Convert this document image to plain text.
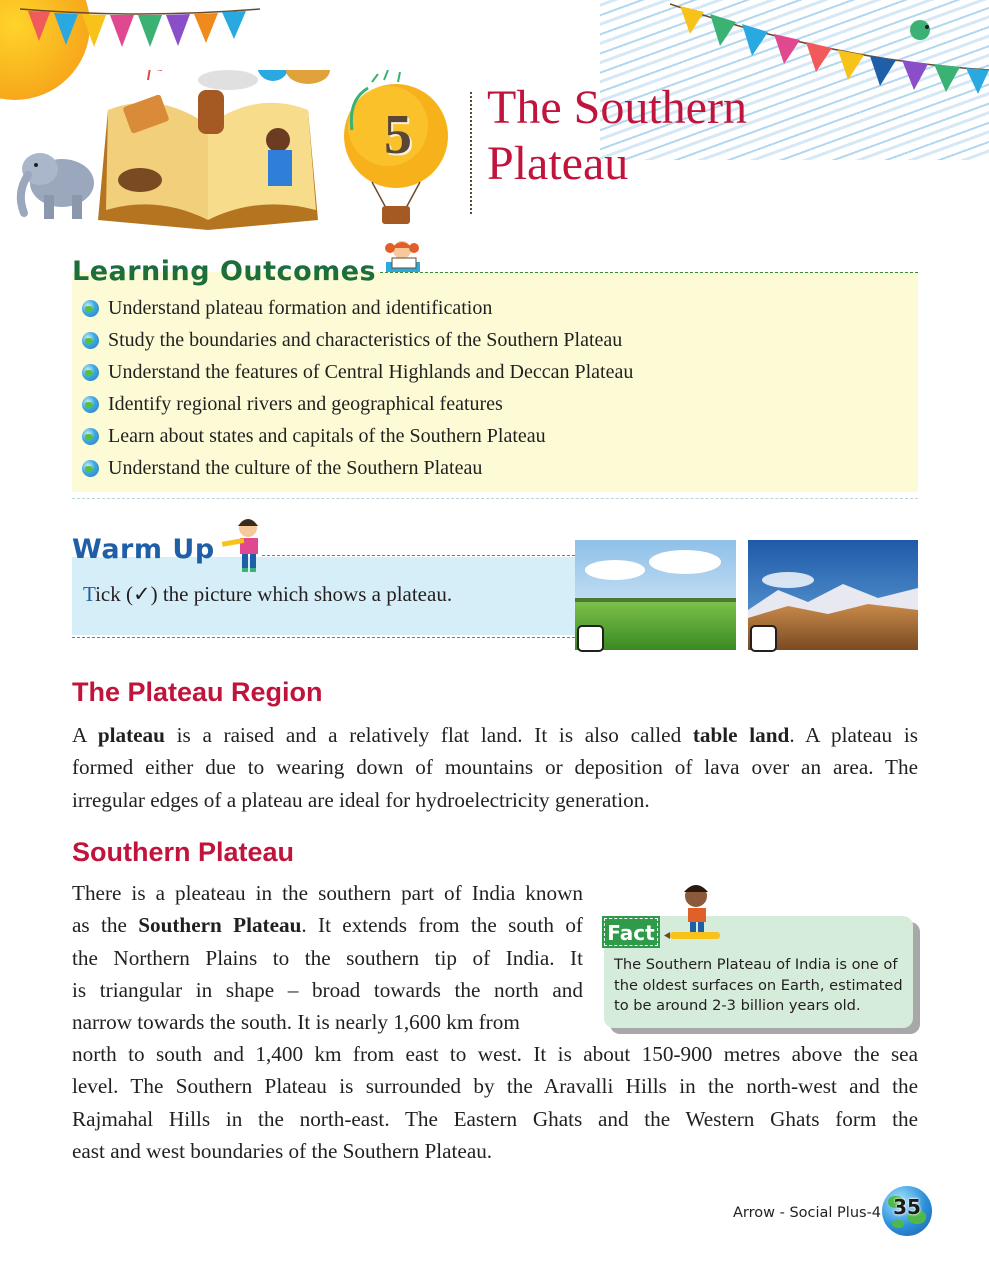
5	The Southern
Plateau
Learning Outcomes
Understand plateau formation and identification
Study the boundaries and characteristics of the Southern Plateau
Understand the features of Central Highlands and Deccan Plateau
Identify regional rivers and geographical features
Learn about states and capitals of the Southern Plateau
Understand the culture of the Southern Plateau
Warm Up
Tick (✓) the picture which shows a plateau.
The Plateau Region
A plateau is a raised and a relatively flat land. It is also called table land. A plateau is
formed either due to wearing down of mountains or deposition of lava over an area. The
irregular edges of a plateau are ideal for hydroelectricity generation.
Southern Plateau
There is a pleateau in the southern part of India known
as the Southern Plateau. It extends from the south of
the Northern Plains to the southern tip of India. It
is triangular in shape – broad towards the north and
narrow towards the south. It is nearly 1,600 km from
north to south and 1,400 km from east to west. It is about 150-900 metres above the sea
level. The Southern Plateau is surrounded by the Aravalli Hills in the north-west and the
Rajmahal Hills in the north-east. The Eastern Ghats and the Western Ghats form the
east and west boundaries of the Southern Plateau.
Fact
The Southern Plateau of India is one of the oldest surfaces on Earth, estimated to be around 2-3 billion years old.
Arrow - Social Plus-4 35
